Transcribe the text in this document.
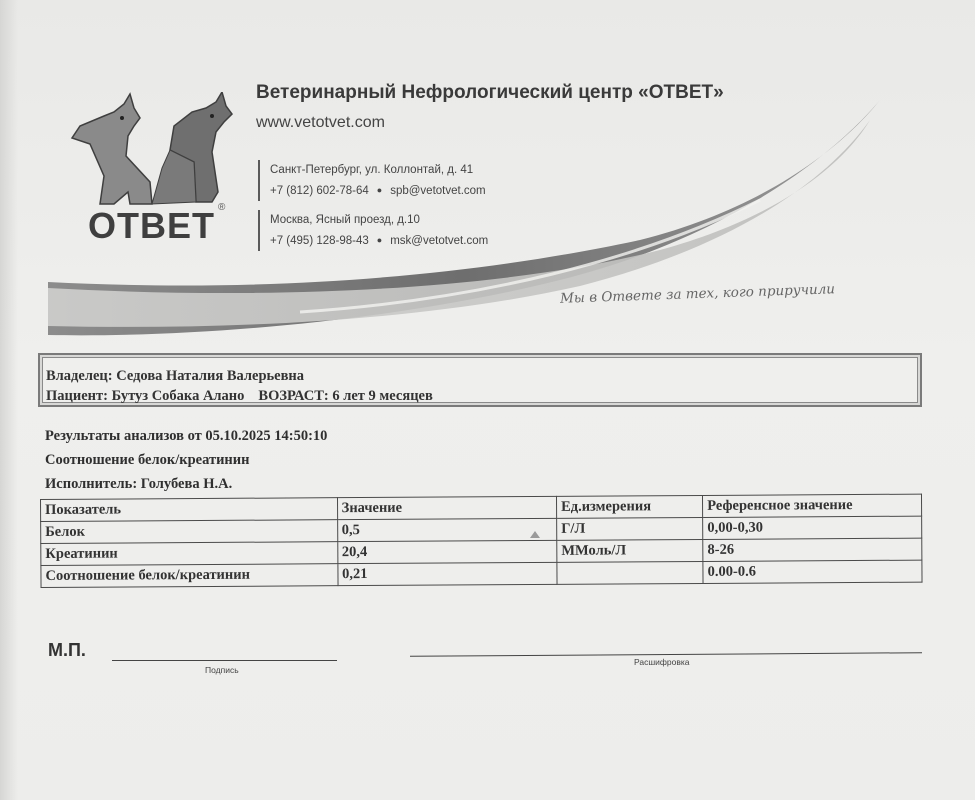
ОТВЕТ ®
Ветеринарный Нефрологический центр «ОТВЕТ»
www.vetotvet.com
Санкт-Петербург, ул. Коллонтай, д. 41
+7 (812) 602-78-64 ● spb@vetotvet.com
Москва, Ясный проезд, д.10
+7 (495) 128-98-43 ● msk@vetotvet.com
Мы в Ответе за тех, кого приручили
Владелец: Седова Наталия Валерьевна
Пациент: Бутуз Собака Алано ВОЗРАСТ: 6 лет 9 месяцев
Результаты анализов от 05.10.2025 14:50:10
Соотношение белок/креатинин
Исполнитель: Голубева Н.А.
Показатель	Значение	Ед.измерения	Референсное значение
Белок	0,5	Г/Л	0,00-0,30
Креатинин	20,4	ММоль/Л	8-26
Соотношение белок/креатинин	0,21		0.00-0.6
М.П.
Подпись
Расшифровка
